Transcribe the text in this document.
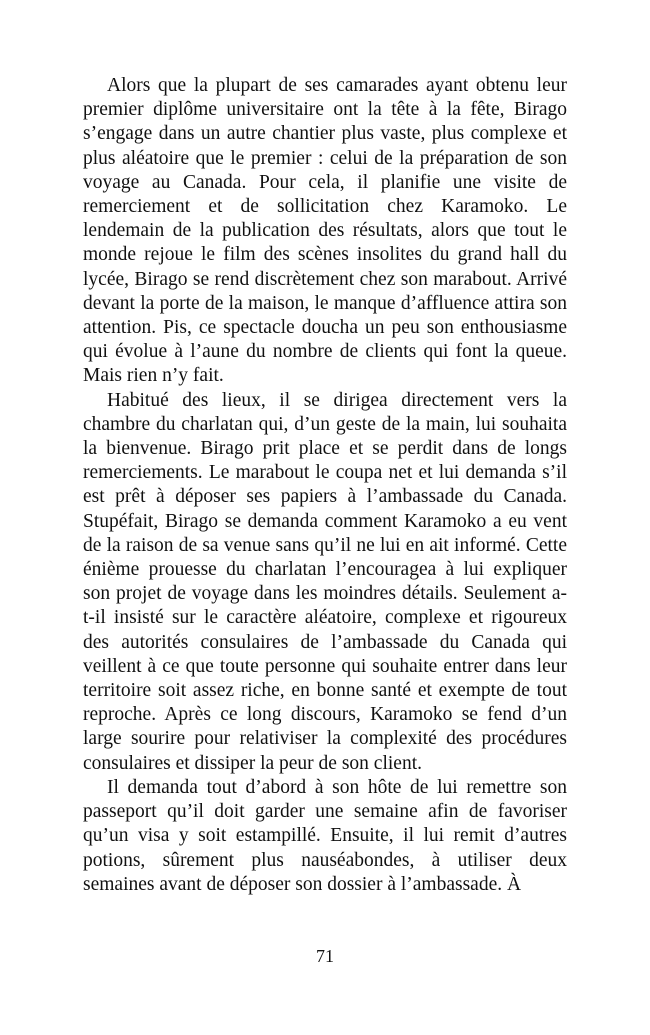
Alors que la plupart de ses camarades ayant obtenu leur premier diplôme universitaire ont la tête à la fête, Birago s’engage dans un autre chantier plus vaste, plus complexe et plus aléatoire que le premier : celui de la préparation de son voyage au Canada. Pour cela, il planifie une visite de remerciement et de sollicitation chez Karamoko. Le lendemain de la publication des résultats, alors que tout le monde rejoue le film des scènes insolites du grand hall du lycée, Birago se rend discrètement chez son marabout. Arrivé devant la porte de la maison, le manque d’affluence attira son attention. Pis, ce spectacle doucha un peu son enthousiasme qui évolue à l’aune du nombre de clients qui font la queue. Mais rien n’y fait.

Habitué des lieux, il se dirigea directement vers la chambre du charlatan qui, d’un geste de la main, lui souhaita la bienvenue. Birago prit place et se perdit dans de longs remerciements. Le marabout le coupa net et lui demanda s’il est prêt à déposer ses papiers à l’ambassade du Canada. Stupéfait, Birago se demanda comment Karamoko a eu vent de la raison de sa venue sans qu’il ne lui en ait informé. Cette énième prouesse du charlatan l’encouragea à lui expliquer son projet de voyage dans les moindres détails. Seulement a-t-il insisté sur le caractère aléatoire, complexe et rigoureux des autorités consulaires de l’ambassade du Canada qui veillent à ce que toute personne qui souhaite entrer dans leur territoire soit assez riche, en bonne santé et exempte de tout reproche. Après ce long discours, Karamoko se fend d’un large sourire pour relativiser la complexité des procédures consulaires et dissiper la peur de son client.

Il demanda tout d’abord à son hôte de lui remettre son passeport qu’il doit garder une semaine afin de favoriser qu’un visa y soit estampillé. Ensuite, il lui remit d’autres potions, sûrement plus nauséabondes, à utiliser deux semaines avant de déposer son dossier à l’ambassade. À

71
